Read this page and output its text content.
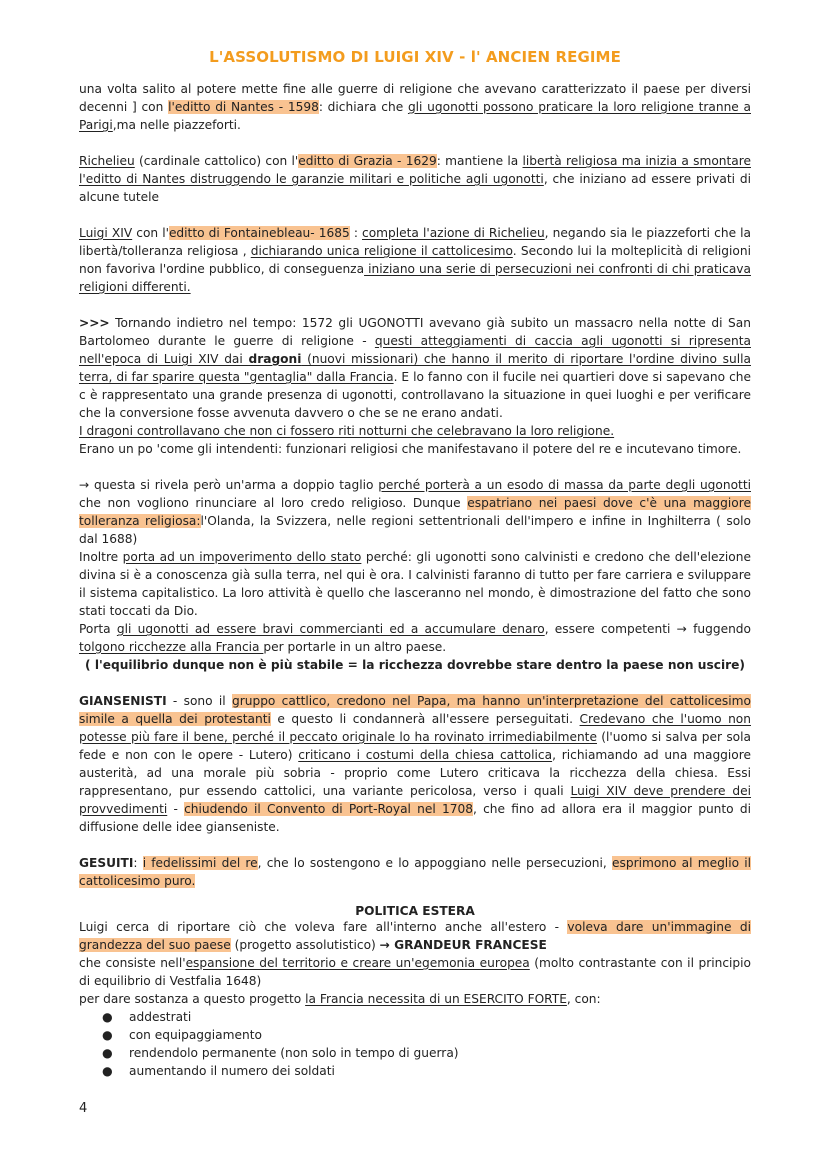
L'ASSOLUTISMO DI LUIGI XIV - l' ANCIEN REGIME

una volta salito al potere mette fine alle guerre di religione che avevano caratterizzato il paese per diversi decenni ] con l'editto di Nantes - 1598: dichiara che gli ugonotti possono praticare la loro religione tranne a Parigi,ma nelle piazzeforti.

Richelieu (cardinale cattolico) con l'editto di Grazia - 1629: mantiene la libertà religiosa ma inizia a smontare l'editto di Nantes distruggendo le garanzie militari e politiche agli ugonotti, che iniziano ad essere privati di alcune tutele

Luigi XIV con l'editto di Fontainebleau- 1685 : completa l'azione di Richelieu, negando sia le piazzeforti che la libertà/tolleranza religiosa , dichiarando unica religione il cattolicesimo. Secondo lui la molteplicità di religioni non favoriva l'ordine pubblico, di conseguenza iniziano una serie di persecuzioni nei confronti di chi praticava religioni differenti.

>>> Tornando indietro nel tempo: 1572 gli UGONOTTI avevano già subito un massacro nella notte di San Bartolomeo durante le guerre di religione - questi atteggiamenti di caccia agli ugonotti si ripresenta nell'epoca di Luigi XIV dai dragoni (nuovi missionari) che hanno il merito di riportare l'ordine divino sulla terra, di far sparire questa "gentaglia" dalla Francia. E lo fanno con il fucile nei quartieri dove si sapevano che c è rappresentato una grande presenza di ugonotti, controllavano la situazione in quei luoghi e per verificare che la conversione fosse avvenuta davvero o che se ne erano andati.

I dragoni controllavano che non ci fossero riti notturni che celebravano la loro religione.

Erano un po 'come gli intendenti: funzionari religiosi che manifestavano il potere del re e incutevano timore.

→ questa si rivela però un'arma a doppio taglio perché porterà a un esodo di massa da parte degli ugonotti che non vogliono rinunciare al loro credo religioso. Dunque espatriano nei paesi dove c'è una maggiore tolleranza religiosa:l'Olanda, la Svizzera, nelle regioni settentrionali dell'impero e infine in Inghilterra ( solo dal 1688)

Inoltre porta ad un impoverimento dello stato perché: gli ugonotti sono calvinisti e credono che dell'elezione divina si è a conoscenza già sulla terra, nel qui è ora. I calvinisti faranno di tutto per fare carriera e sviluppare il sistema capitalistico. La loro attività è quello che lasceranno nel mondo, è dimostrazione del fatto che sono stati toccati da Dio.

Porta gli ugonotti ad essere bravi commercianti ed a accumulare denaro, essere competenti → fuggendo tolgono ricchezze alla Francia per portarle in un altro paese.

( l'equilibrio dunque non è più stabile = la ricchezza dovrebbe stare dentro la paese non uscire)

GIANSENISTI - sono il gruppo cattlico, credono nel Papa, ma hanno un'interpretazione del cattolicesimo simile a quella dei protestanti e questo li condannerà all'essere perseguitati. Credevano che l'uomo non potesse più fare il bene, perché il peccato originale lo ha rovinato irrimediabilmente (l'uomo si salva per sola fede e non con le opere - Lutero) criticano i costumi della chiesa cattolica, richiamando ad una maggiore austerità, ad una morale più sobria - proprio come Lutero criticava la ricchezza della chiesa. Essi rappresentano, pur essendo cattolici, una variante pericolosa, verso i quali Luigi XIV deve prendere dei provvedimenti - chiudendo il Convento di Port-Royal nel 1708, che fino ad allora era il maggior punto di diffusione delle idee gianseniste.

GESUITI: i fedelissimi del re, che lo sostengono e lo appoggiano nelle persecuzioni, esprimono al meglio il cattolicesimo puro.

POLITICA ESTERA

Luigi cerca di riportare ciò che voleva fare all'interno anche all'estero - voleva dare un'immagine di grandezza del suo paese (progetto assolutistico) → GRANDEUR FRANCESE

che consiste nell'espansione del territorio e creare un'egemonia europea (molto contrastante con il principio di equilibrio di Vestfalia 1648)

per dare sostanza a questo progetto la Francia necessita di un ESERCITO FORTE, con:

● addestrati
● con equipaggiamento
● rendendolo permanente (non solo in tempo di guerra)
● aumentando il numero dei soldati
4
